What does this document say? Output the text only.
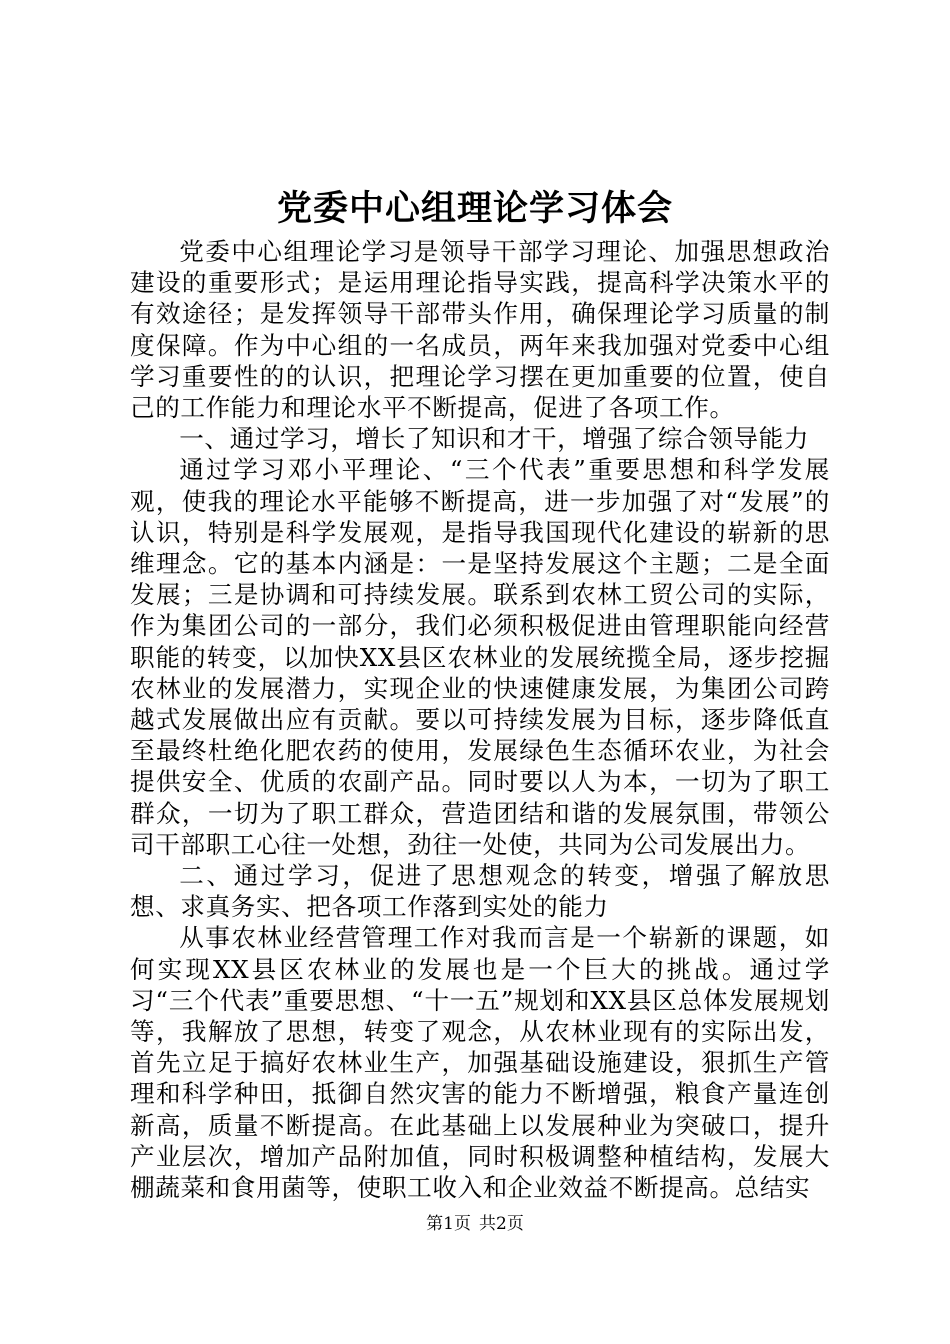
党委中心组理论学习体会

党委中心组理论学习是领导干部学习理论、加强思想政治建设的重要形式；是运用理论指导实践，提高科学决策水平的有效途径；是发挥领导干部带头作用，确保理论学习质量的制度保障。作为中心组的一名成员，两年来我加强对党委中心组学习重要性的的认识，把理论学习摆在更加重要的位置，使自己的工作能力和理论水平不断提高，促进了各项工作。

一、通过学习，增长了知识和才干，增强了综合领导能力

通过学习邓小平理论、“三个代表”重要思想和科学发展观，使我的理论水平能够不断提高，进一步加强了对“发展”的认识，特别是科学发展观，是指导我国现代化建设的崭新的思维理念。它的基本内涵是：一是坚持发展这个主题；二是全面发展；三是协调和可持续发展。联系到农林工贸公司的实际，作为集团公司的一部分，我们必须积极促进由管理职能向经营职能的转变，以加快XX县区农林业的发展统揽全局，逐步挖掘农林业的发展潜力，实现企业的快速健康发展，为集团公司跨越式发展做出应有贡献。要以可持续发展为目标，逐步降低直至最终杜绝化肥农药的使用，发展绿色生态循环农业，为社会提供安全、优质的农副产品。同时要以人为本，一切为了职工群众，一切为了职工群众，营造团结和谐的发展氛围，带领公司干部职工心往一处想，劲往一处使，共同为公司发展出力。

二、通过学习，促进了思想观念的转变，增强了解放思想、求真务实、把各项工作落到实处的能力

从事农林业经营管理工作对我而言是一个崭新的课题，如何实现XX县区农林业的发展也是一个巨大的挑战。通过学习“三个代表”重要思想、“十一五”规划和XX县区总体发展规划等，我解放了思想，转变了观念，从农林业现有的实际出发，首先立足于搞好农林业生产，加强基础设施建设，狠抓生产管理和科学种田，抵御自然灾害的能力不断增强，粮食产量连创新高，质量不断提高。在此基础上以发展种业为突破口，提升产业层次，增加产品附加值，同时积极调整种植结构，发展大棚蔬菜和食用菌等，使职工收入和企业效益不断提高。总结实

第1页 共2页
